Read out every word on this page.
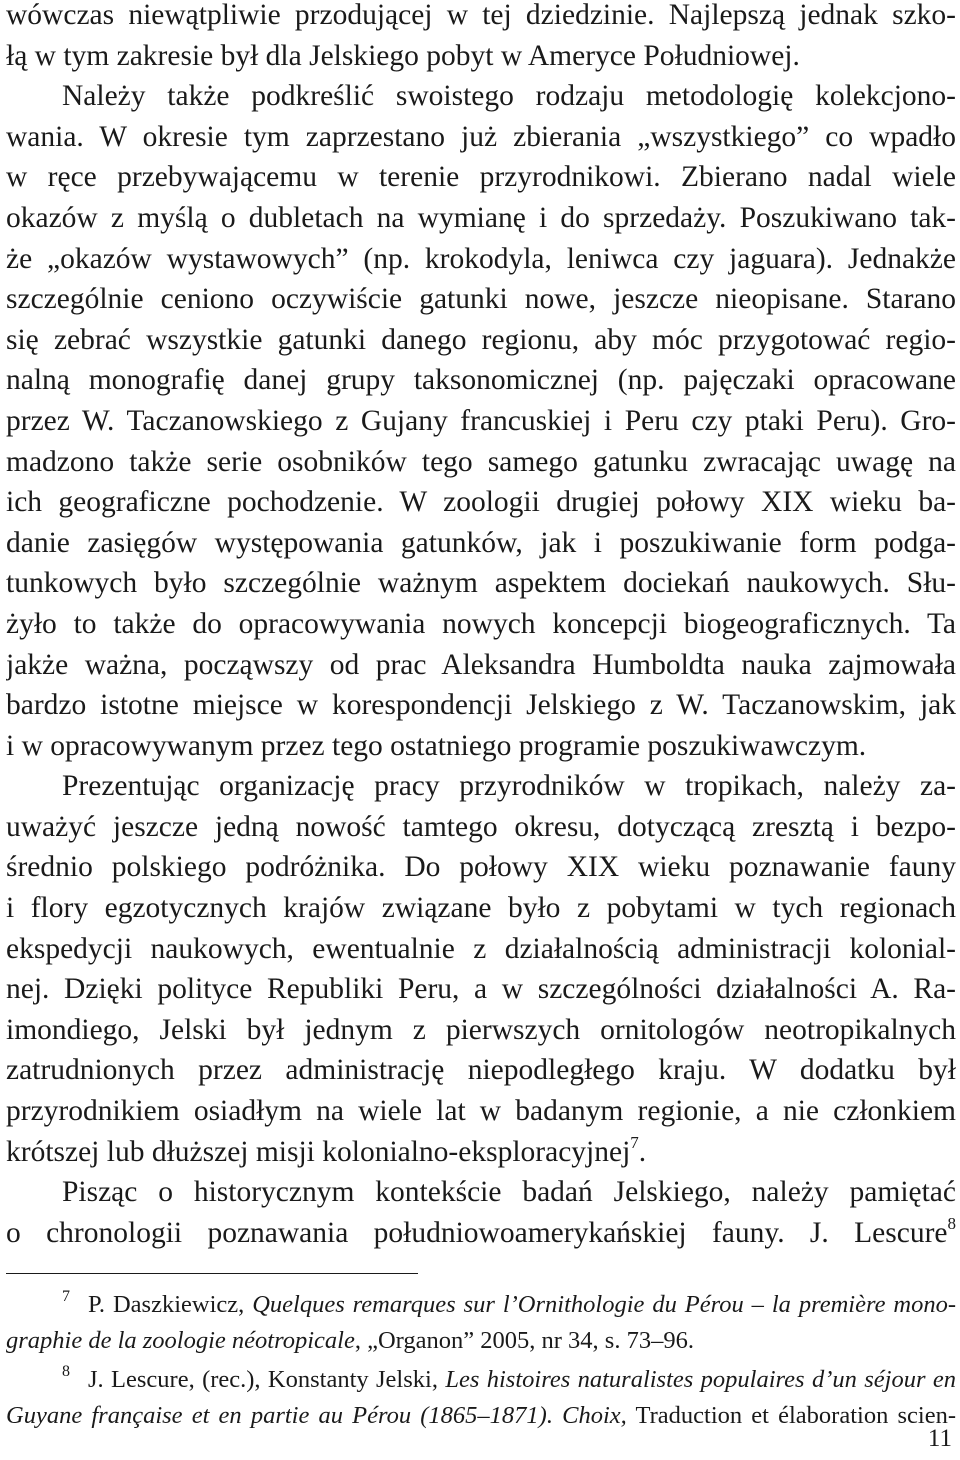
wówczas niewątpliwie przodującej w tej dziedzinie. Najlepszą jednak szko-
łą w tym zakresie był dla Jelskiego pobyt w Ameryce Południowej.
Należy także podkreślić swoistego rodzaju metodologię kolekcjono-
wania. W okresie tym zaprzestano już zbierania „wszystkiego” co wpadło
w ręce przebywającemu w terenie przyrodnikowi. Zbierano nadal wiele
okazów z myślą o dubletach na wymianę i do sprzedaży. Poszukiwano tak-
że „okazów wystawowych” (np. krokodyla, leniwca czy jaguara). Jednakże
szczególnie ceniono oczywiście gatunki nowe, jeszcze nieopisane. Starano
się zebrać wszystkie gatunki danego regionu, aby móc przygotować regio-
nalną monografię danej grupy taksonomicznej (np. pajęczaki opracowane
przez W. Taczanowskiego z Gujany francuskiej i Peru czy ptaki Peru). Gro-
madzono także serie osobników tego samego gatunku zwracając uwagę na
ich geograficzne pochodzenie. W zoologii drugiej połowy XIX wieku ba-
danie zasięgów występowania gatunków, jak i poszukiwanie form podga-
tunkowych było szczególnie ważnym aspektem dociekań naukowych. Słu-
żyło to także do opracowywania nowych koncepcji biogeograficznych. Ta
jakże ważna, począwszy od prac Aleksandra Humboldta nauka zajmowała
bardzo istotne miejsce w korespondencji Jelskiego z W. Taczanowskim, jak
i w opracowywanym przez tego ostatniego programie poszukiwawczym.
Prezentując organizację pracy przyrodników w tropikach, należy za-
uważyć jeszcze jedną nowość tamtego okresu, dotyczącą zresztą i bezpo-
średnio polskiego podróżnika. Do połowy XIX wieku poznawanie fauny
i flory egzotycznych krajów związane było z pobytami w tych regionach
ekspedycji naukowych, ewentualnie z działalnością administracji kolonial-
nej. Dzięki polityce Republiki Peru, a w szczególności działalności A. Ra-
imondiego, Jelski był jednym z pierwszych ornitologów neotropikalnych
zatrudnionych przez administrację niepodległego kraju. W dodatku był
przyrodnikiem osiadłym na wiele lat w badanym regionie, a nie członkiem
krótszej lub dłuższej misji kolonialno-eksploracyjnej$^7$.
Pisząc o historycznym kontekście badań Jelskiego, należy pamiętać
o chronologii poznawania południowoamerykańskiej fauny. J. Lescure$^8$
$^7$ P. Daszkiewicz, Quelques remarques sur l’Ornithologie du Pérou – la première mono-
graphie de la zoologie néotropicale, „Organon” 2005, nr 34, s. 73–96.
$^8$ J. Lescure, (rec.), Konstanty Jelski, Les histoires naturalistes populaires d’un séjour en
Guyane française et en partie au Pérou (1865–1871). Choix, Traduction et élaboration scien-
11
